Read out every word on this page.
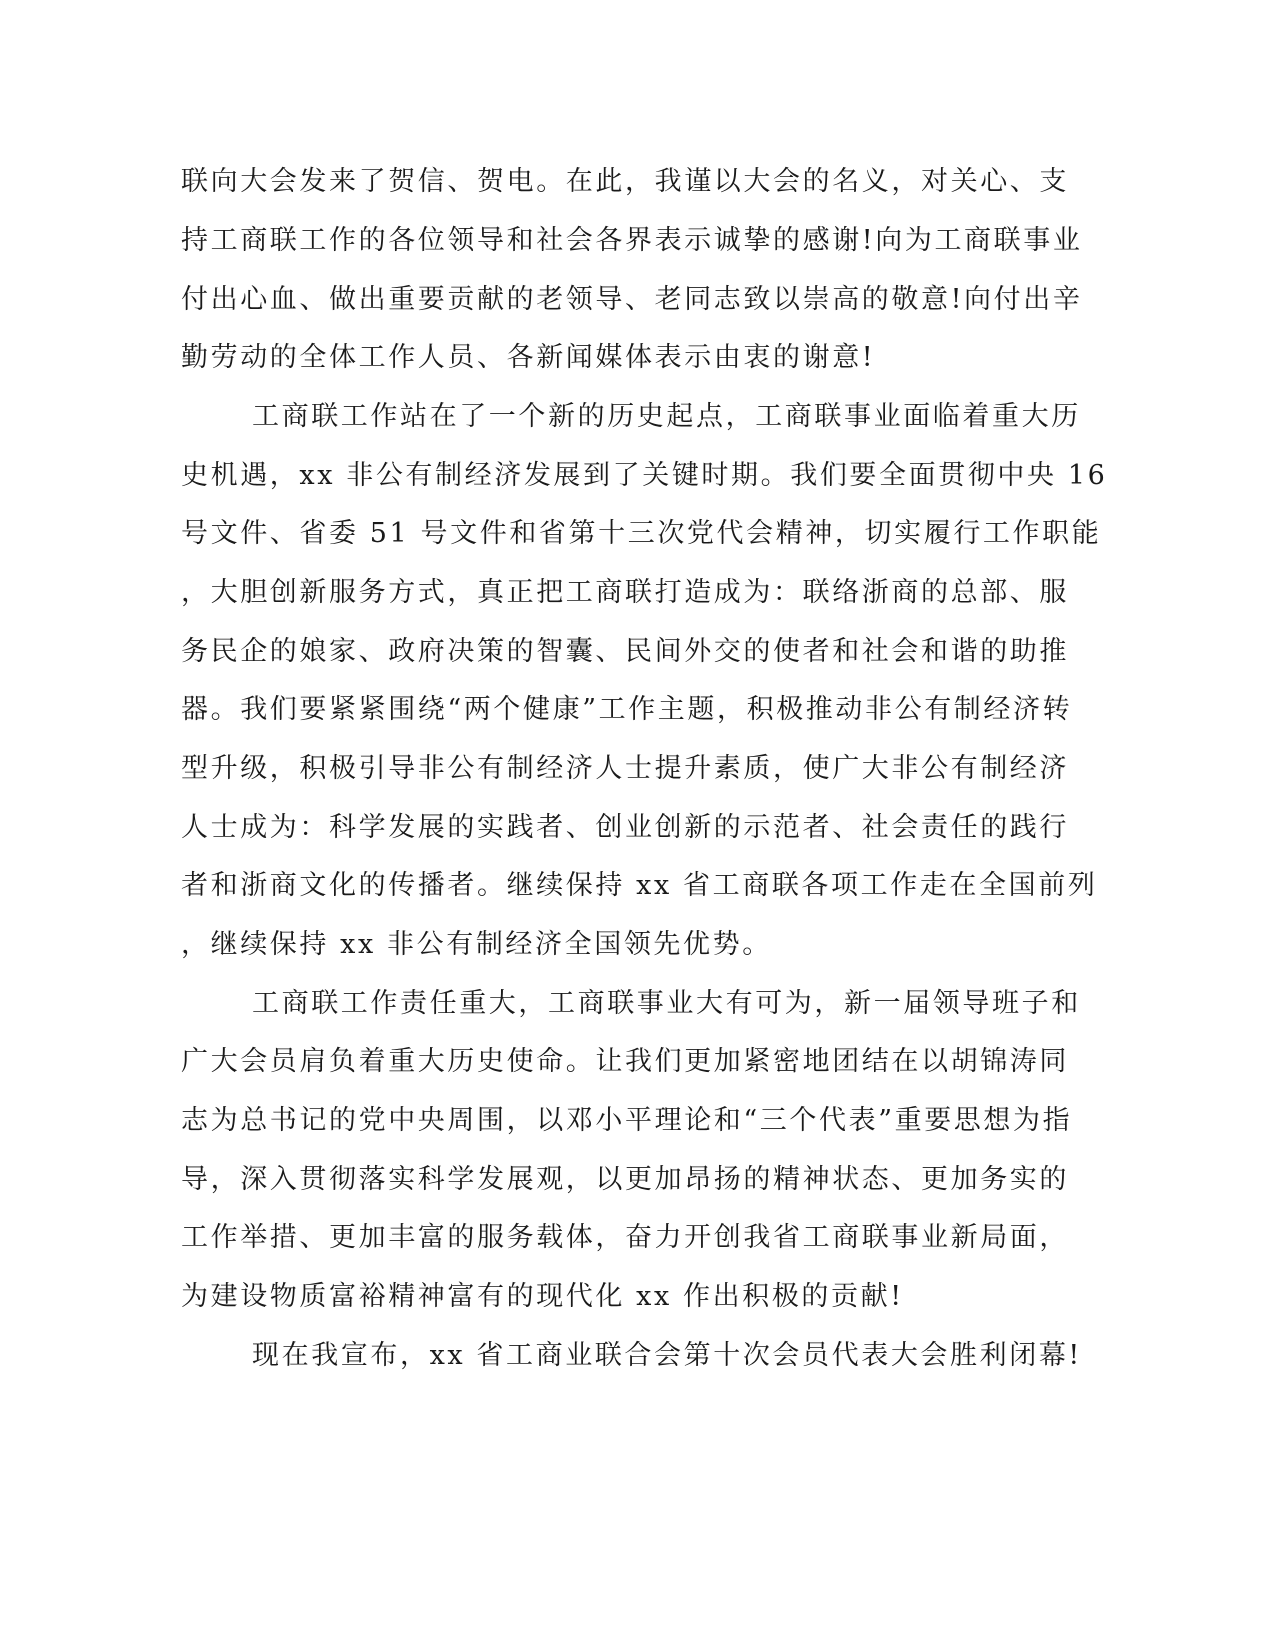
联向大会发来了贺信、贺电。在此，我谨以大会的名义，对关心、支
持工商联工作的各位领导和社会各界表示诚挚的感谢!向为工商联事业
付出心血、做出重要贡献的老领导、老同志致以崇高的敬意!向付出辛
勤劳动的全体工作人员、各新闻媒体表示由衷的谢意!
工商联工作站在了一个新的历史起点，工商联事业面临着重大历
史机遇，xx 非公有制经济发展到了关键时期。我们要全面贯彻中央 16
号文件、省委 51 号文件和省第十三次党代会精神，切实履行工作职能
，大胆创新服务方式，真正把工商联打造成为：联络浙商的总部、服
务民企的娘家、政府决策的智囊、民间外交的使者和社会和谐的助推
器。我们要紧紧围绕“两个健康”工作主题，积极推动非公有制经济转
型升级，积极引导非公有制经济人士提升素质，使广大非公有制经济
人士成为：科学发展的实践者、创业创新的示范者、社会责任的践行
者和浙商文化的传播者。继续保持 xx 省工商联各项工作走在全国前列
，继续保持 xx 非公有制经济全国领先优势。
工商联工作责任重大，工商联事业大有可为，新一届领导班子和
广大会员肩负着重大历史使命。让我们更加紧密地团结在以胡锦涛同
志为总书记的党中央周围，以邓小平理论和“三个代表”重要思想为指
导，深入贯彻落实科学发展观，以更加昂扬的精神状态、更加务实的
工作举措、更加丰富的服务载体，奋力开创我省工商联事业新局面，
为建设物质富裕精神富有的现代化 xx 作出积极的贡献!
现在我宣布，xx 省工商业联合会第十次会员代表大会胜利闭幕!
